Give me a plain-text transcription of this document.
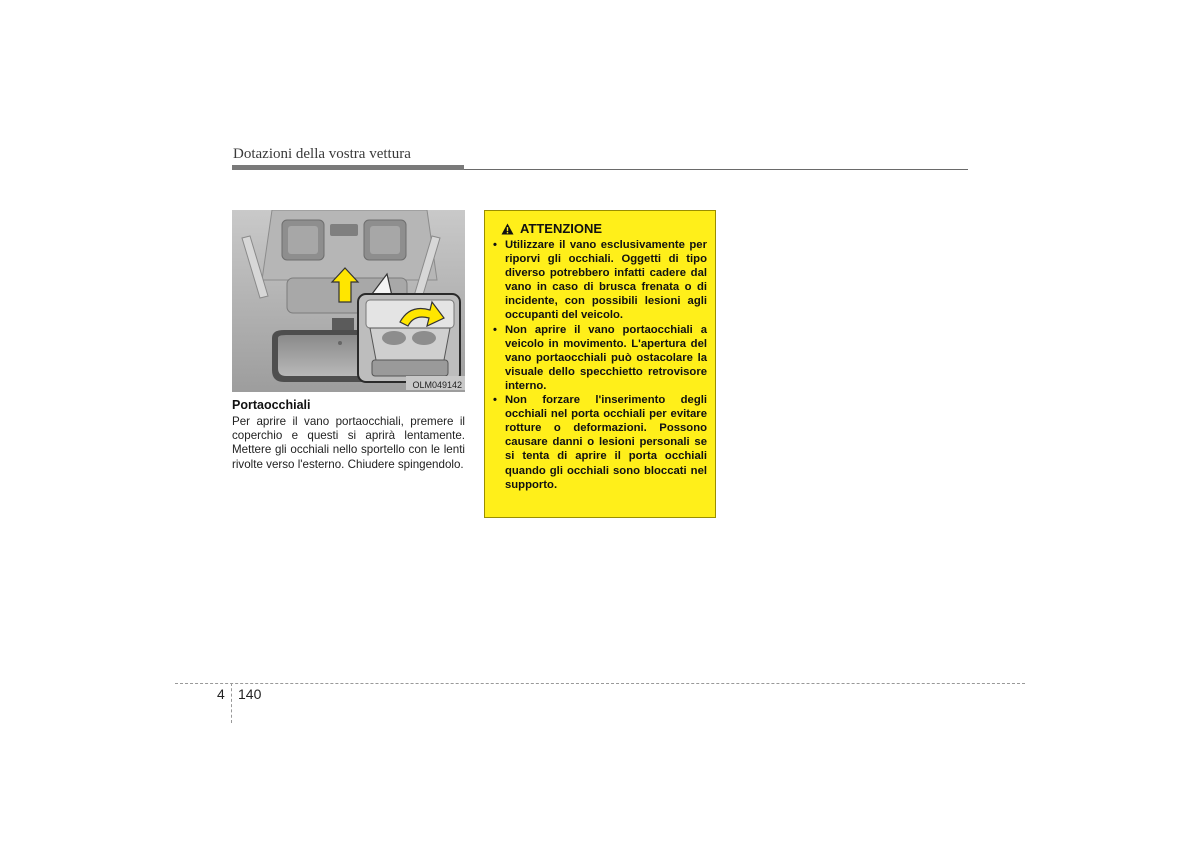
Dotazioni della vostra vettura
OLM049142
Portaocchiali
Per aprire il vano portaocchiali, premere il coperchio e questi si aprirà lentamente. Mettere gli occhiali nello sportello con le lenti rivolte verso l'esterno. Chiudere spingendolo.
ATTENZIONE
• Utilizzare il vano esclusivamente per riporvi gli occhiali. Oggetti di tipo diverso potrebbero infatti cadere dal vano in caso di brusca frenata o di incidente, con possibili lesioni agli occupanti del veicolo.
• Non aprire il vano portaocchiali a veicolo in movimento. L'apertura del vano portaocchiali può ostacolare la visuale dello specchietto retrovisore interno.
• Non forzare l'inserimento degli occhiali nel porta occhiali per evitare rotture o deformazioni. Possono causare danni o lesioni personali se si tenta di aprire il porta occhiali quando gli occhiali sono bloccati nel supporto.
4 140
